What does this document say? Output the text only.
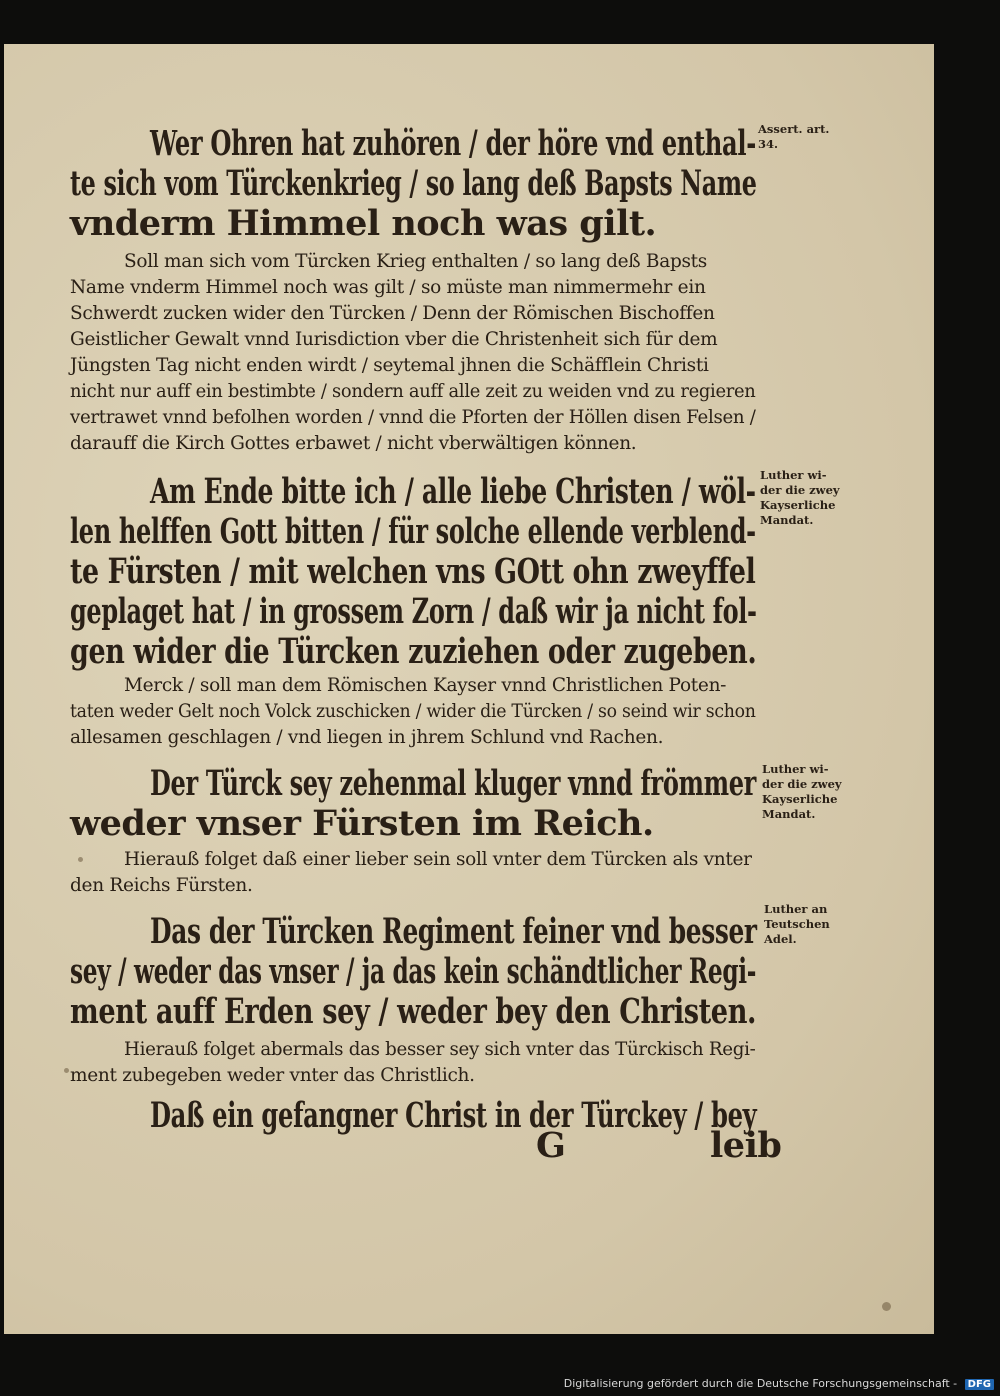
Wer Ohren hat zuhören / der höre vnd enthal-
te sich vom Türckenkrieg / so lang deß Bapsts Name
vnderm Himmel noch was gilt.
Soll man sich vom Türcken Krieg enthalten / so lang deß Bapsts
Name vnderm Himmel noch was gilt / so müste man nimmermehr ein
Schwerdt zucken wider den Türcken / Denn der Römischen Bischoffen
Geistlicher Gewalt vnnd Iurisdiction vber die Christenheit sich für dem
Jüngsten Tag nicht enden wirdt / seytemal jhnen die Schäfflein Christi
nicht nur auff ein bestimbte / sondern auff alle zeit zu weiden vnd zu regieren
vertrawet vnnd befolhen worden / vnnd die Pforten der Höllen disen Felsen /
darauff die Kirch Gottes erbawet / nicht vberwältigen können.
Am Ende bitte ich / alle liebe Christen / wöl-
len helffen Gott bitten / für solche ellende verblend-
te Fürsten / mit welchen vns GOtt ohn zweyffel
geplaget hat / in grossem Zorn / daß wir ja nicht fol-
gen wider die Türcken zuziehen oder zugeben.
Merck / soll man dem Römischen Kayser vnnd Christlichen Poten-
taten weder Gelt noch Volck zuschicken / wider die Türcken / so seind wir schon
allesamen geschlagen / vnd liegen in jhrem Schlund vnd Rachen.
Der Türck sey zehenmal kluger vnnd frömmer
weder vnser Fürsten im Reich.
Hierauß folget daß einer lieber sein soll vnter dem Türcken als vnter
den Reichs Fürsten.
Das der Türcken Regiment feiner vnd besser
sey / weder das vnser / ja das kein schändtlicher Regi-
ment auff Erden sey / weder bey den Christen.
Hierauß folget abermals das besser sey sich vnter das Türckisch Regi-
ment zubegeben weder vnter das Christlich.
Daß ein gefangner Christ in der Türckey / bey
G	leib
Assert. art.
34.
Luther wi-
der die zwey
Kayserliche
Mandat.
Luther wi-
der die zwey
Kayserliche
Mandat.
Luther an
Teutschen
Adel.
Digitalisierung gefördert durch die Deutsche Forschungsgemeinschaft - DFG
